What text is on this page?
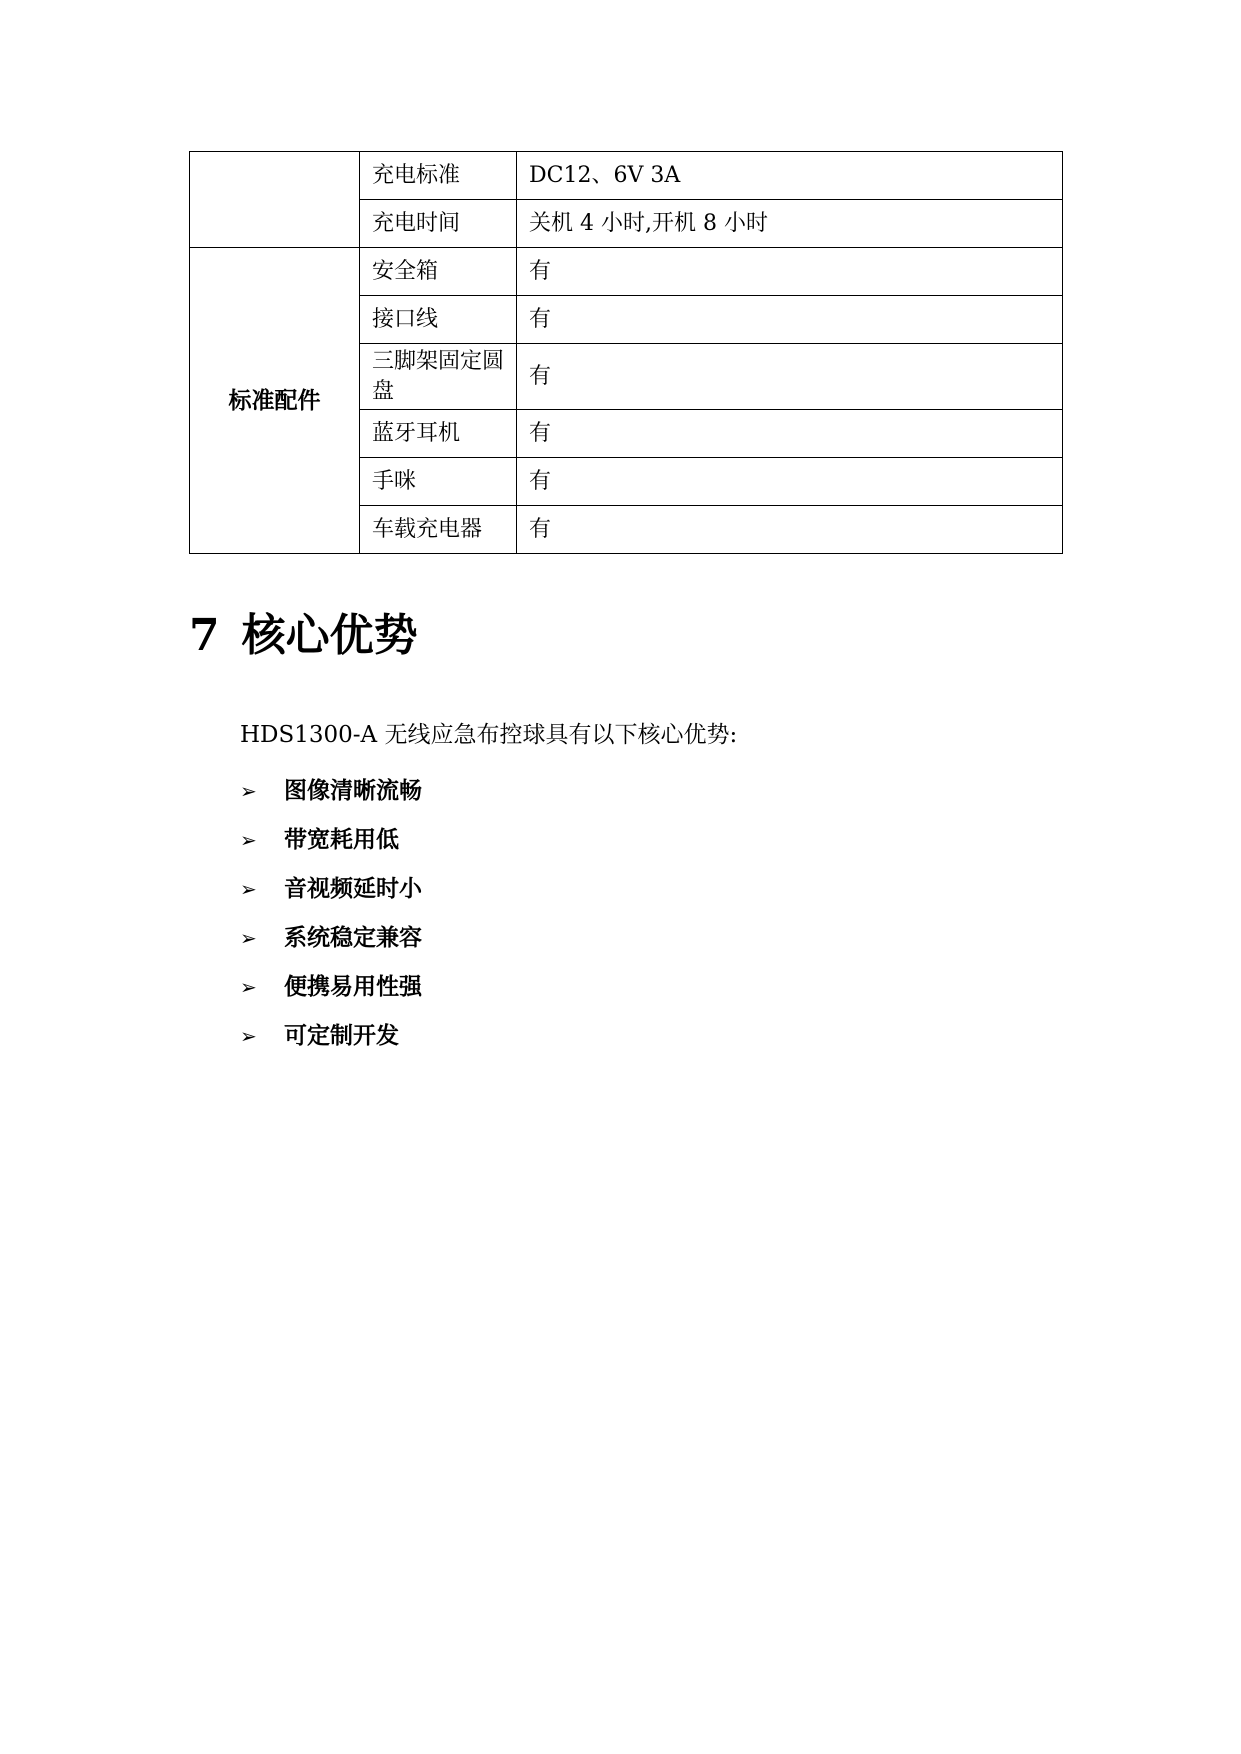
	充电标准	DC12、6V 3A
	充电时间	关机 4 小时,开机 8 小时
标准配件	安全箱	有
	接口线	有
	三脚架固定圆盘	有
	蓝牙耳机	有
	手咪	有
	车载充电器	有
7 核心优势

HDS1300-A 无线应急布控球具有以下核心优势:

➢	图像清晰流畅
➢	带宽耗用低
➢	音视频延时小
➢	系统稳定兼容
➢	便携易用性强
➢	可定制开发
